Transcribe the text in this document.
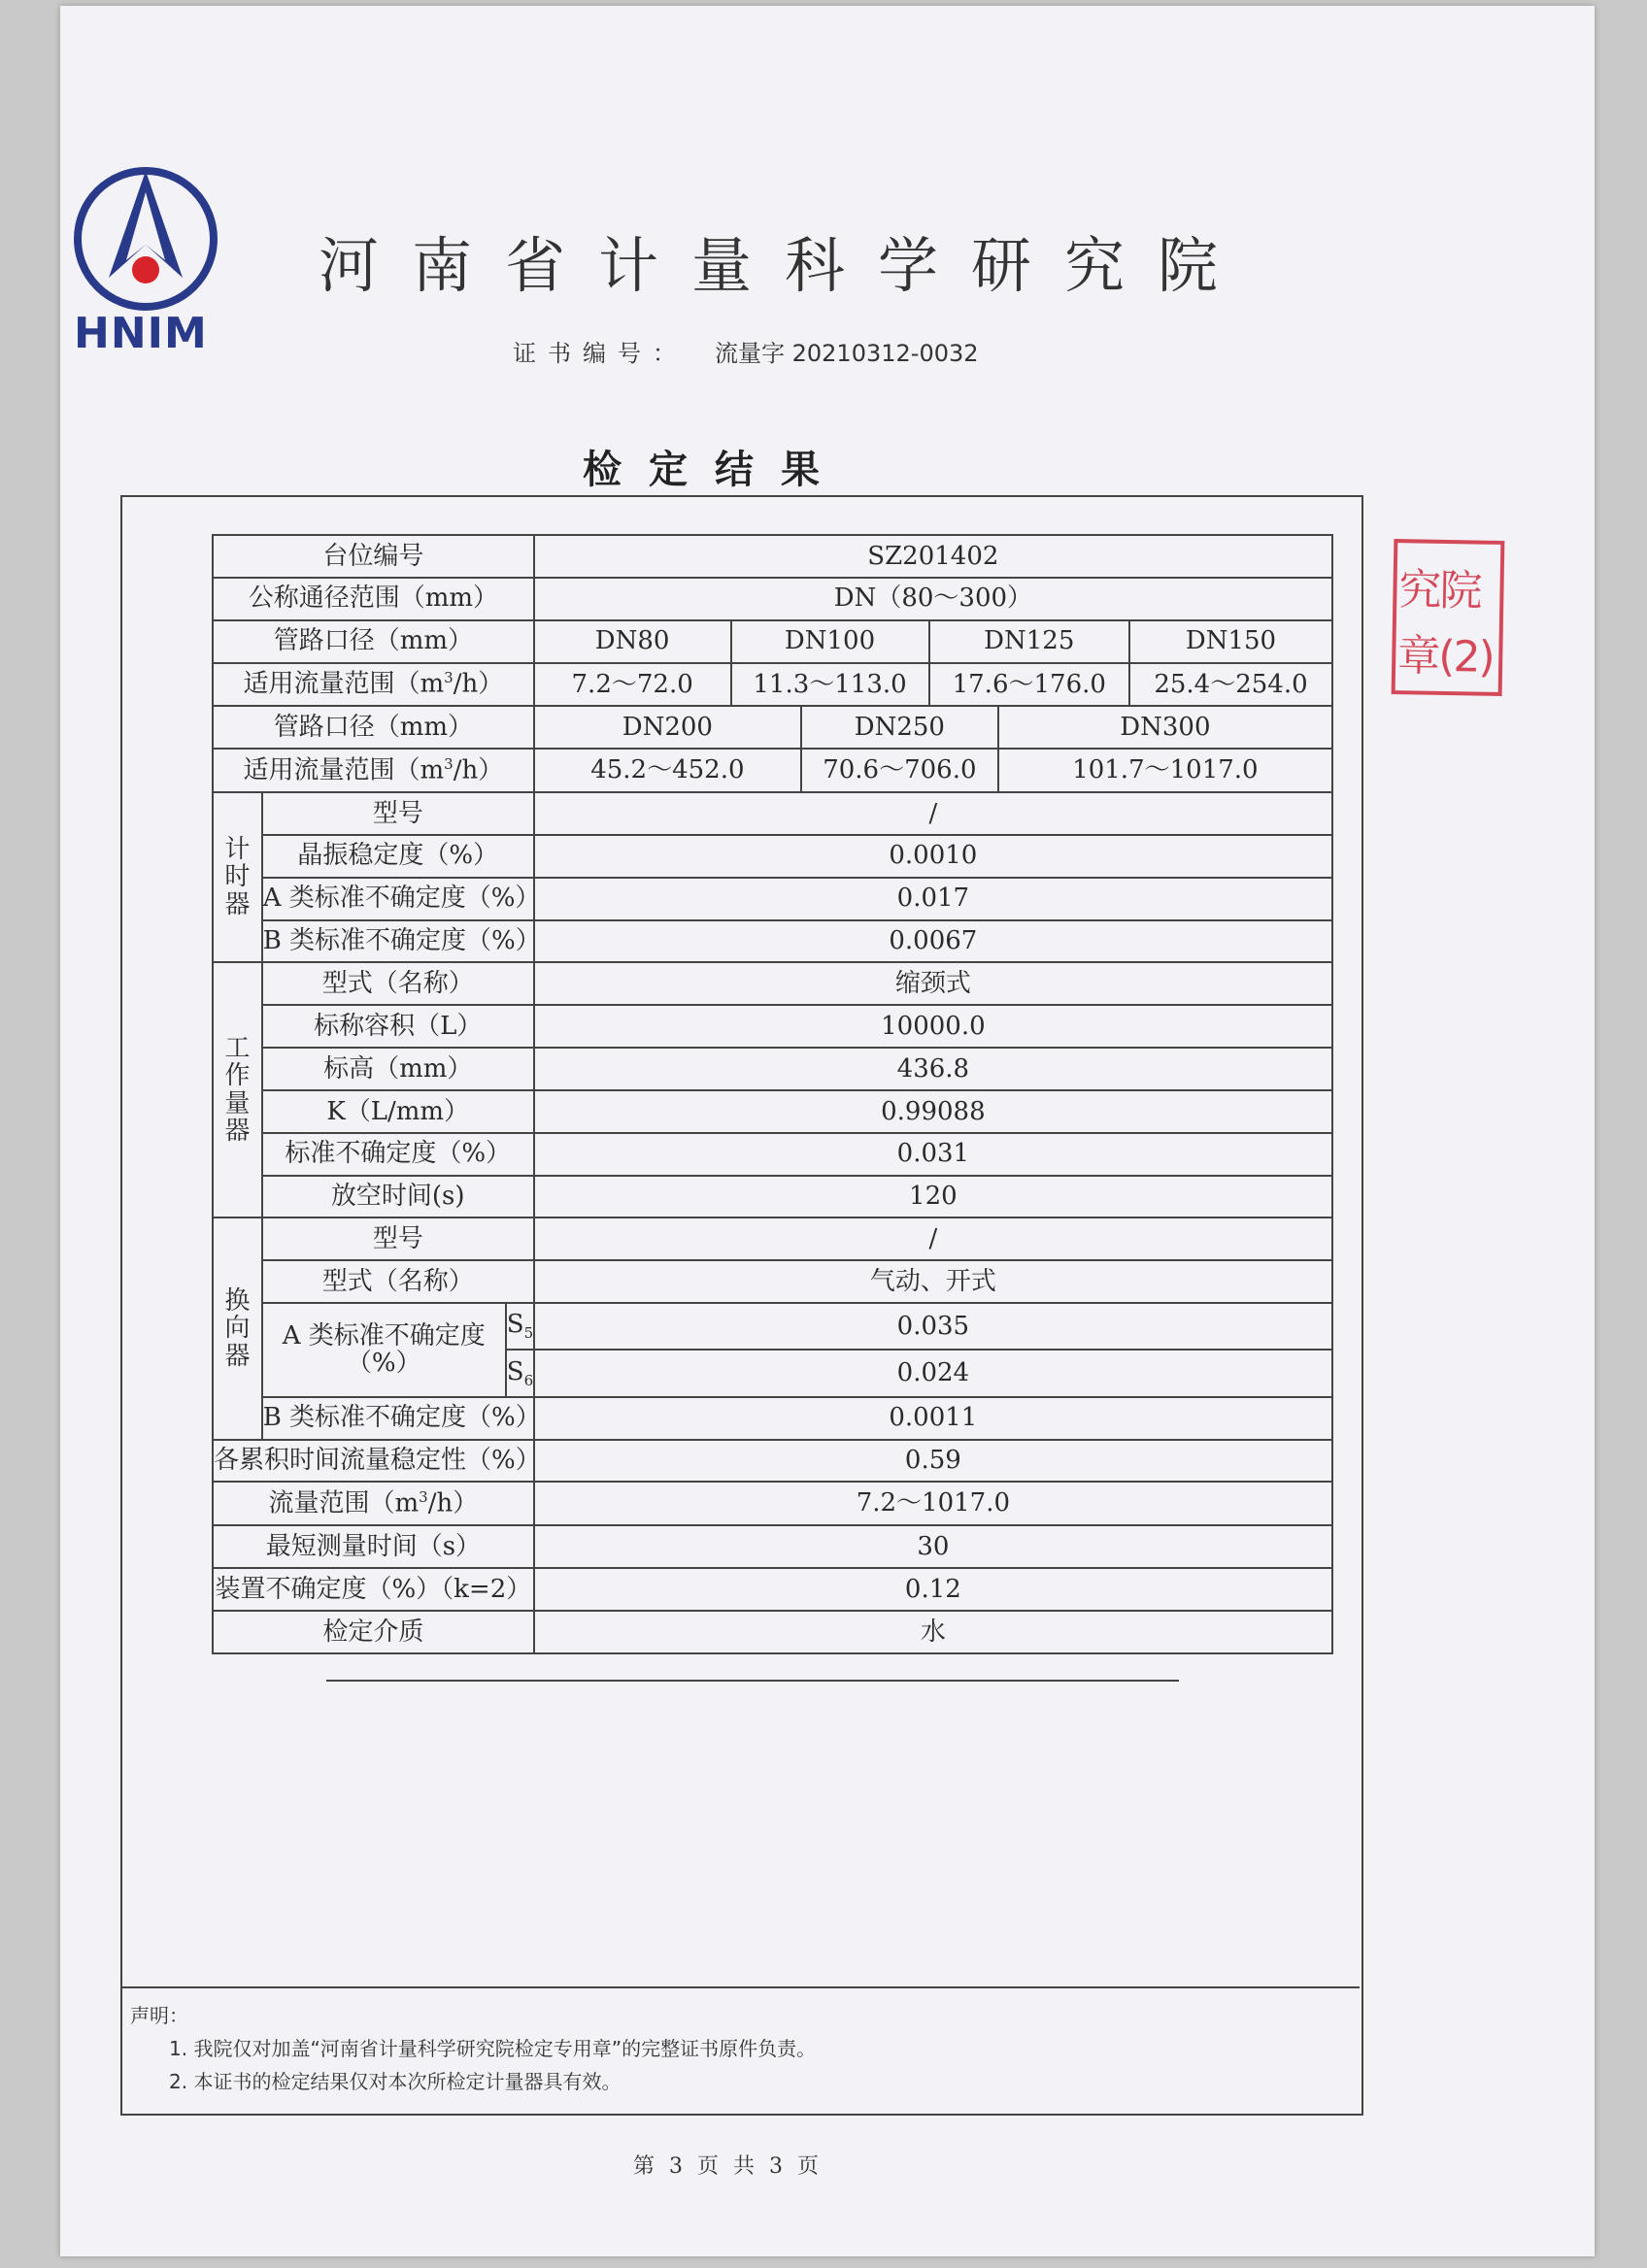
HNIM
河南省计量科学研究院
证书编号： 流量字 20210312-0032
检定结果
究院
章(2)
台位编号			SZ201402					
公称通径范围（mm）			DN（80～300）					
管路口径（mm）			DN80	DN100		DN125		DN150
适用流量范围$(m^3/h)$			7.2～72.0	11.3～113.0		17.6～176.0		25.4～254.0
管路口径（mm）			DN200		DN250		DN300	
适用流量范围$(m^3/h)$			45.2～452.0		70.6～706.0		101.7～1017.0	
计时器	型号		/					
	晶振稳定度（%）		0.0010					
	A 类标准不确定度（%）		0.017					
	B 类标准不确定度（%）		0.0067					
工作量器	型式（名称）		缩颈式					
	标称容积（L）		10000.0					
	标高（mm）		436.8					
	K（L/mm）		0.99088					
	标准不确定度（%）		0.031					
	放空时间(s)		120					
换向器	型号		/					
	型式（名称）		气动、开式					
	A 类标准不确定度（%）	$S_5$	0.035					
		$S_6$	0.024					
	B 类标准不确定度（%）		0.0011					
各累积时间流量稳定性（%）			0.59					
流量范围$(m^3/h)$			7.2～1017.0					
最短测量时间（s）			30					
装置不确定度（%）（k=2）			0.12					
检定介质			水					
声明：
1. 我院仅对加盖“河南省计量科学研究院检定专用章”的完整证书原件负责。
2. 本证书的检定结果仅对本次所检定计量器具有效。
第 3 页 共 3 页
